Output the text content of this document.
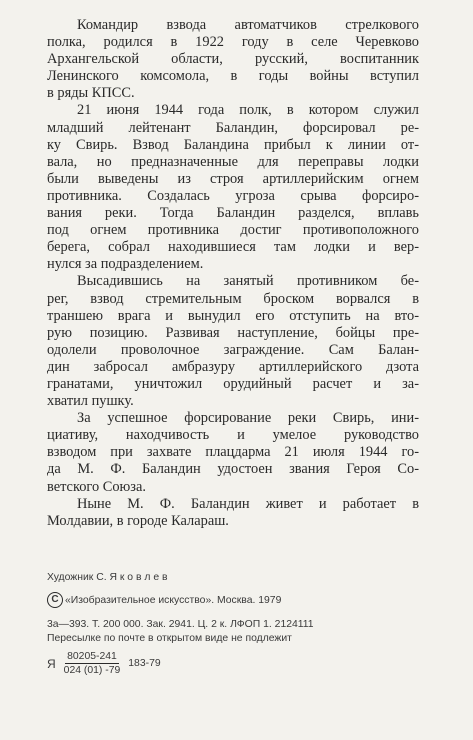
Командир взвода автоматчиков стрелкового
полка, родился в 1922 году в селе Черевково
Архангельской области, русский, воспитанник
Ленинского комсомола, в годы войны вступил
в ряды КПСС.
21 июня 1944 года полк, в котором служил
младший лейтенант Баландин, форсировал ре-
ку Свирь. Взвод Баландина прибыл к линии от-
вала, но предназначенные для переправы лодки
были выведены из строя артиллерийским огнем
противника. Создалась угроза срыва форсиро-
вания реки. Тогда Баландин разделся, вплавь
под огнем противника достиг противоположного
берега, собрал находившиеся там лодки и вер-
нулся за подразделением.
Высадившись на занятый противником бе-
рег, взвод стремительным броском ворвался в
траншею врага и вынудил его отступить на вто-
рую позицию. Развивая наступление, бойцы пре-
одолели проволочное заграждение. Сам Балан-
дин забросал амбразуру артиллерийского дзота
гранатами, уничтожил орудийный расчет и за-
хватил пушку.
За успешное форсирование реки Свирь, ини-
циативу, находчивость и умелое руководство
взводом при захвате плацдарма 21 июля 1944 го-
да М. Ф. Баландин удостоен звания Героя Со-
ветского Союза.
Ныне М. Ф. Баландин живет и работает в
Молдавии, в городе Калараш.
Художник С. Я к о в л е в
C «Изобразительное искусство». Москва. 1979
3а—393. Т. 200 000. Зак. 2941. Ц. 2 к. ЛФОП 1. 2124111
Пересылке по почте в открытом виде не подлежит
Я $\frac{80205-241}{024 (01) -79} 183-79$
